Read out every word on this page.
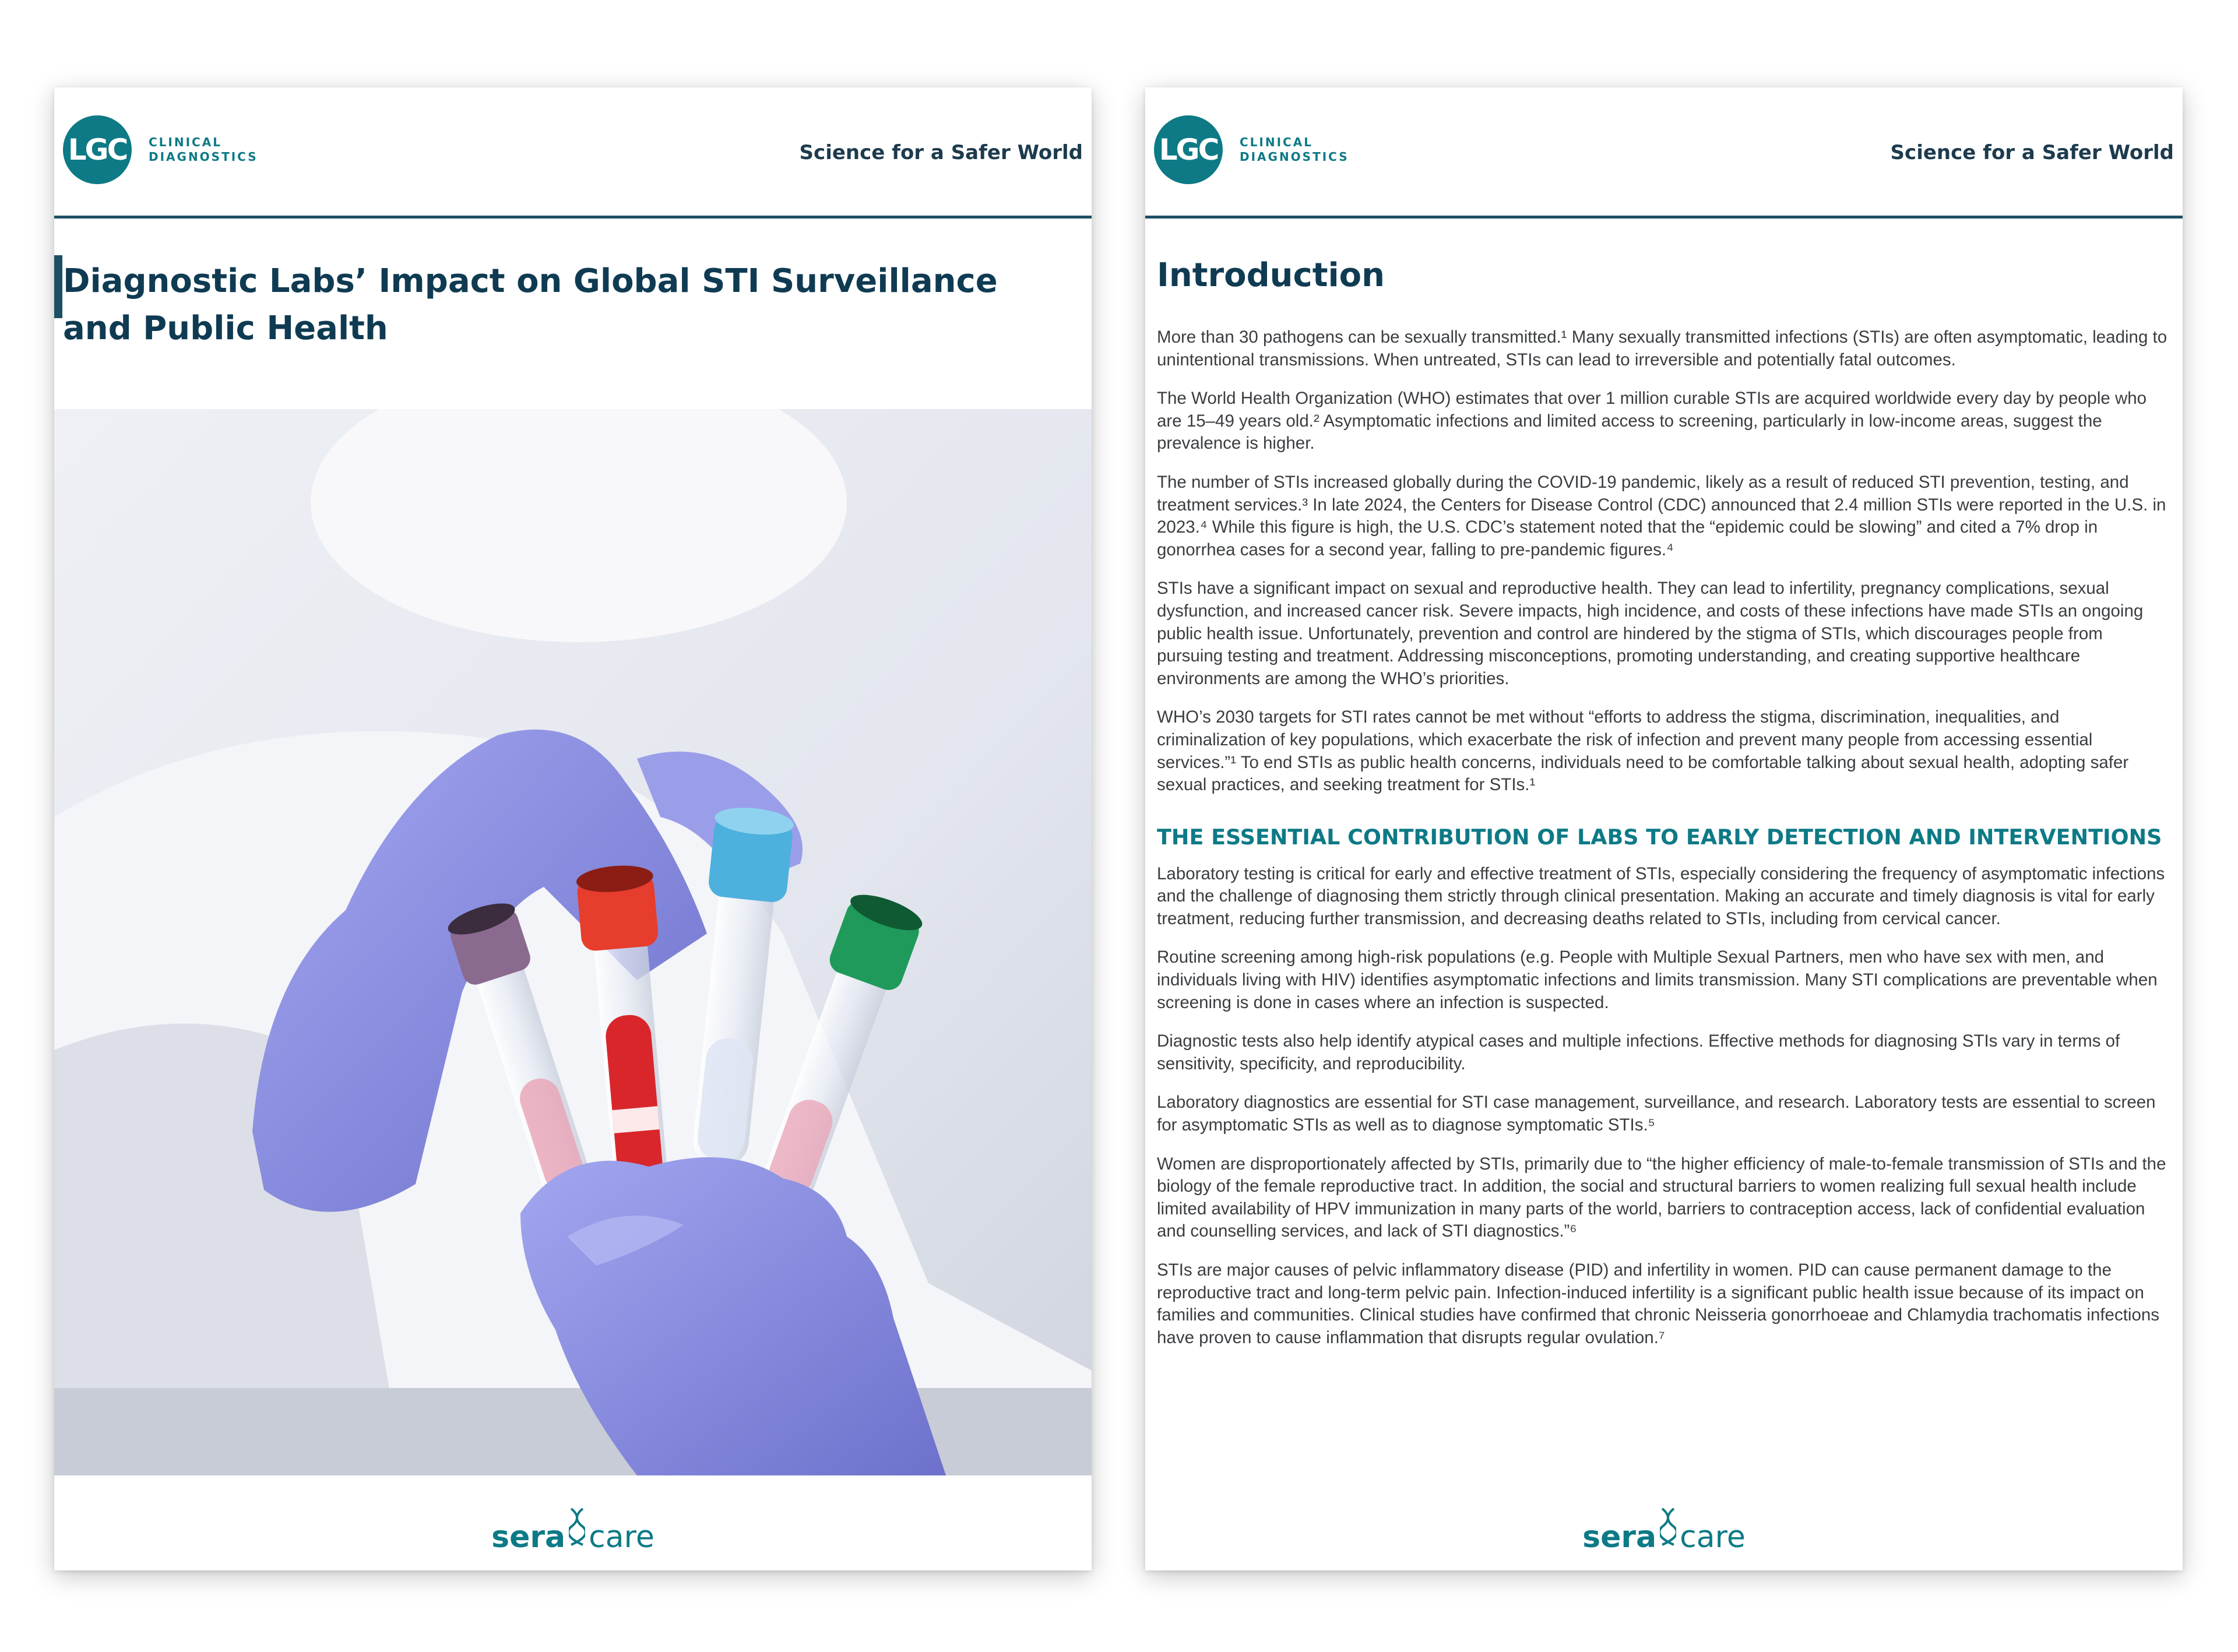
LGC	CLINICAL
DIAGNOSTICS	Science for a Safer World
Diagnostic Labs’ Impact on Global STI Surveillance and Public Health
sera care
LGC	CLINICAL
DIAGNOSTICS	Science for a Safer World
Introduction

More than 30 pathogens can be sexually transmitted.¹ Many sexually transmitted infections (STIs) are often asymptomatic, leading to unintentional transmissions. When untreated, STIs can lead to irreversible and potentially fatal outcomes.

The World Health Organization (WHO) estimates that over 1 million curable STIs are acquired worldwide every day by people who are 15–49 years old.² Asymptomatic infections and limited access to screening, particularly in low-income areas, suggest the prevalence is higher.

The number of STIs increased globally during the COVID-19 pandemic, likely as a result of reduced STI prevention, testing, and treatment services.³ In late 2024, the Centers for Disease Control (CDC) announced that 2.4 million STIs were reported in the U.S. in 2023.⁴ While this figure is high, the U.S. CDC’s statement noted that the “epidemic could be slowing” and cited a 7% drop in gonorrhea cases for a second year, falling to pre-pandemic figures.⁴

STIs have a significant impact on sexual and reproductive health. They can lead to infertility, pregnancy complications, sexual dysfunction, and increased cancer risk. Severe impacts, high incidence, and costs of these infections have made STIs an ongoing public health issue. Unfortunately, prevention and control are hindered by the stigma of STIs, which discourages people from pursuing testing and treatment. Addressing misconceptions, promoting understanding, and creating supportive healthcare environments are among the WHO’s priorities.

WHO’s 2030 targets for STI rates cannot be met without “efforts to address the stigma, discrimination, inequalities, and criminalization of key populations, which exacerbate the risk of infection and prevent many people from accessing essential services.”¹ To end STIs as public health concerns, individuals need to be comfortable talking about sexual health, adopting safer sexual practices, and seeking treatment for STIs.¹

THE ESSENTIAL CONTRIBUTION OF LABS TO EARLY DETECTION AND INTERVENTIONS

Laboratory testing is critical for early and effective treatment of STIs, especially considering the frequency of asymptomatic infections and the challenge of diagnosing them strictly through clinical presentation. Making an accurate and timely diagnosis is vital for early treatment, reducing further transmission, and decreasing deaths related to STIs, including from cervical cancer.

Routine screening among high-risk populations (e.g. People with Multiple Sexual Partners, men who have sex with men, and individuals living with HIV) identifies asymptomatic infections and limits transmission. Many STI complications are preventable when screening is done in cases where an infection is suspected.

Diagnostic tests also help identify atypical cases and multiple infections. Effective methods for diagnosing STIs vary in terms of sensitivity, specificity, and reproducibility.

Laboratory diagnostics are essential for STI case management, surveillance, and research. Laboratory tests are essential to screen for asymptomatic STIs as well as to diagnose symptomatic STIs.⁵

Women are disproportionately affected by STIs, primarily due to “the higher efficiency of male-to-female transmission of STIs and the biology of the female reproductive tract. In addition, the social and structural barriers to women realizing full sexual health include limited availability of HPV immunization in many parts of the world, barriers to contraception access, lack of confidential evaluation and counselling services, and lack of STI diagnostics.”⁶

STIs are major causes of pelvic inflammatory disease (PID) and infertility in women. PID can cause permanent damage to the reproductive tract and long-term pelvic pain. Infection-induced infertility is a significant public health issue because of its impact on families and communities. Clinical studies have confirmed that chronic Neisseria gonorrhoeae and Chlamydia trachomatis infections have proven to cause inflammation that disrupts regular ovulation.⁷

sera care
